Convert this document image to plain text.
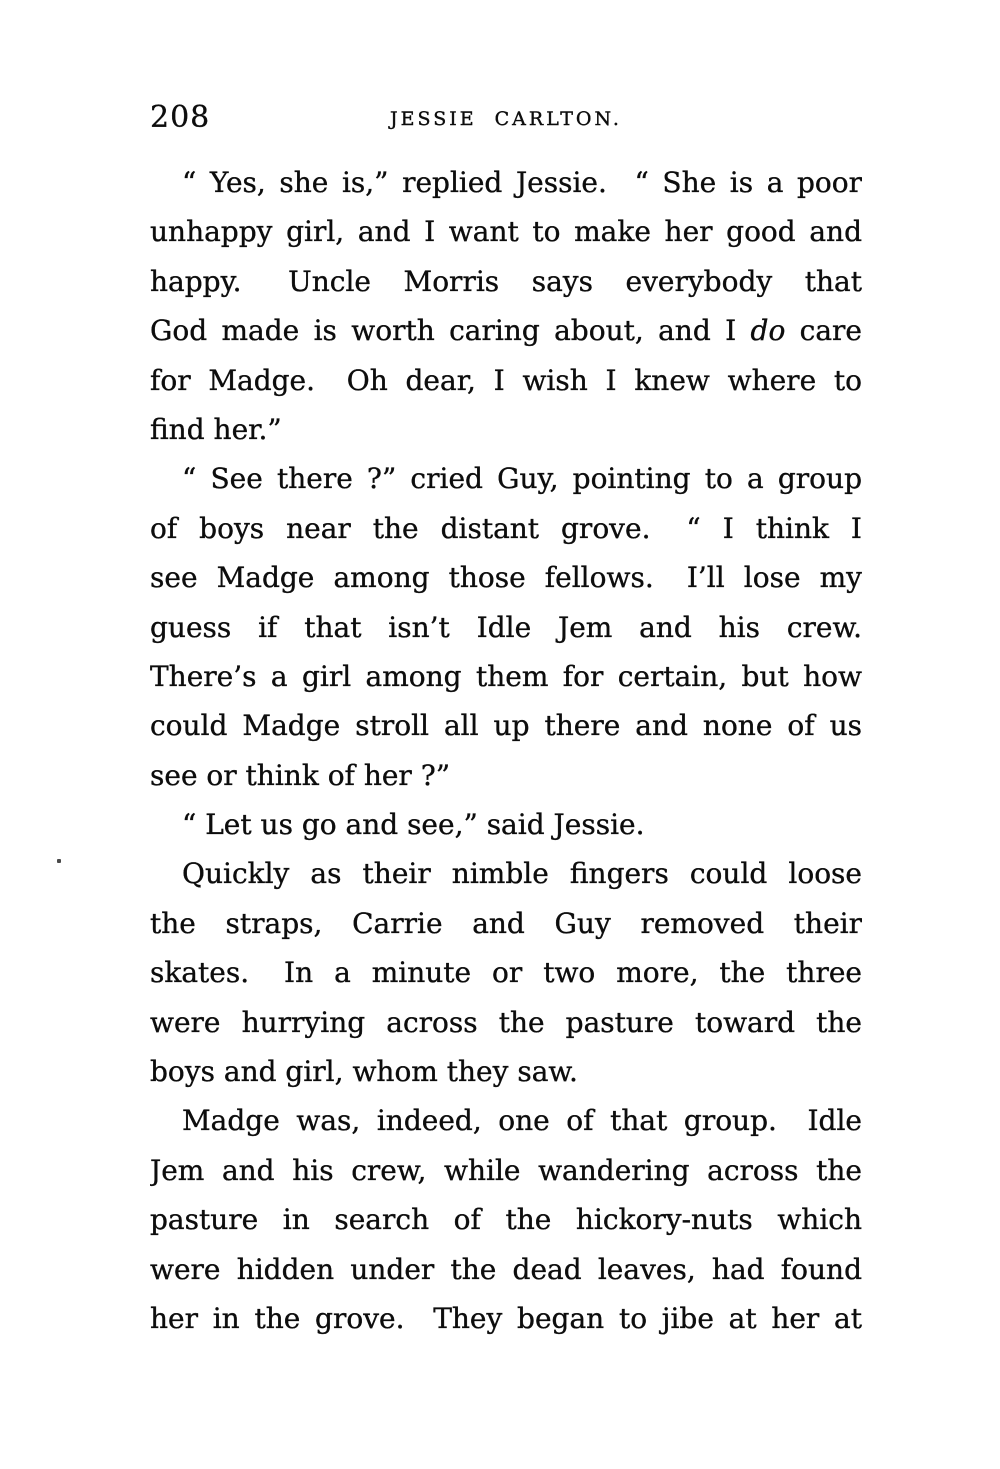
208	JESSIE CARLTON.
“ Yes, she is,” replied Jessie.  “ She is a poor
unhappy girl, and I want to make her good and
happy.  Uncle Morris says everybody that
God made is worth caring about, and I do care
for Madge.  Oh dear, I wish I knew where to
find her.”
“ See there ?” cried Guy, pointing to a group
of boys near the distant grove.  “ I think I
see Madge among those fellows.  I’ll lose my
guess if that isn’t Idle Jem and his crew.
There’s a girl among them for certain, but how
could Madge stroll all up there and none of us
see or think of her ?”
“ Let us go and see,” said Jessie.
Quickly as their nimble fingers could loose
the straps, Carrie and Guy removed their
skates.  In a minute or two more, the three
were hurrying across the pasture toward the
boys and girl, whom they saw.
Madge was, indeed, one of that group.  Idle
Jem and his crew, while wandering across the
pasture in search of the hickory-nuts which
were hidden under the dead leaves, had found
her in the grove.  They began to jibe at her at
